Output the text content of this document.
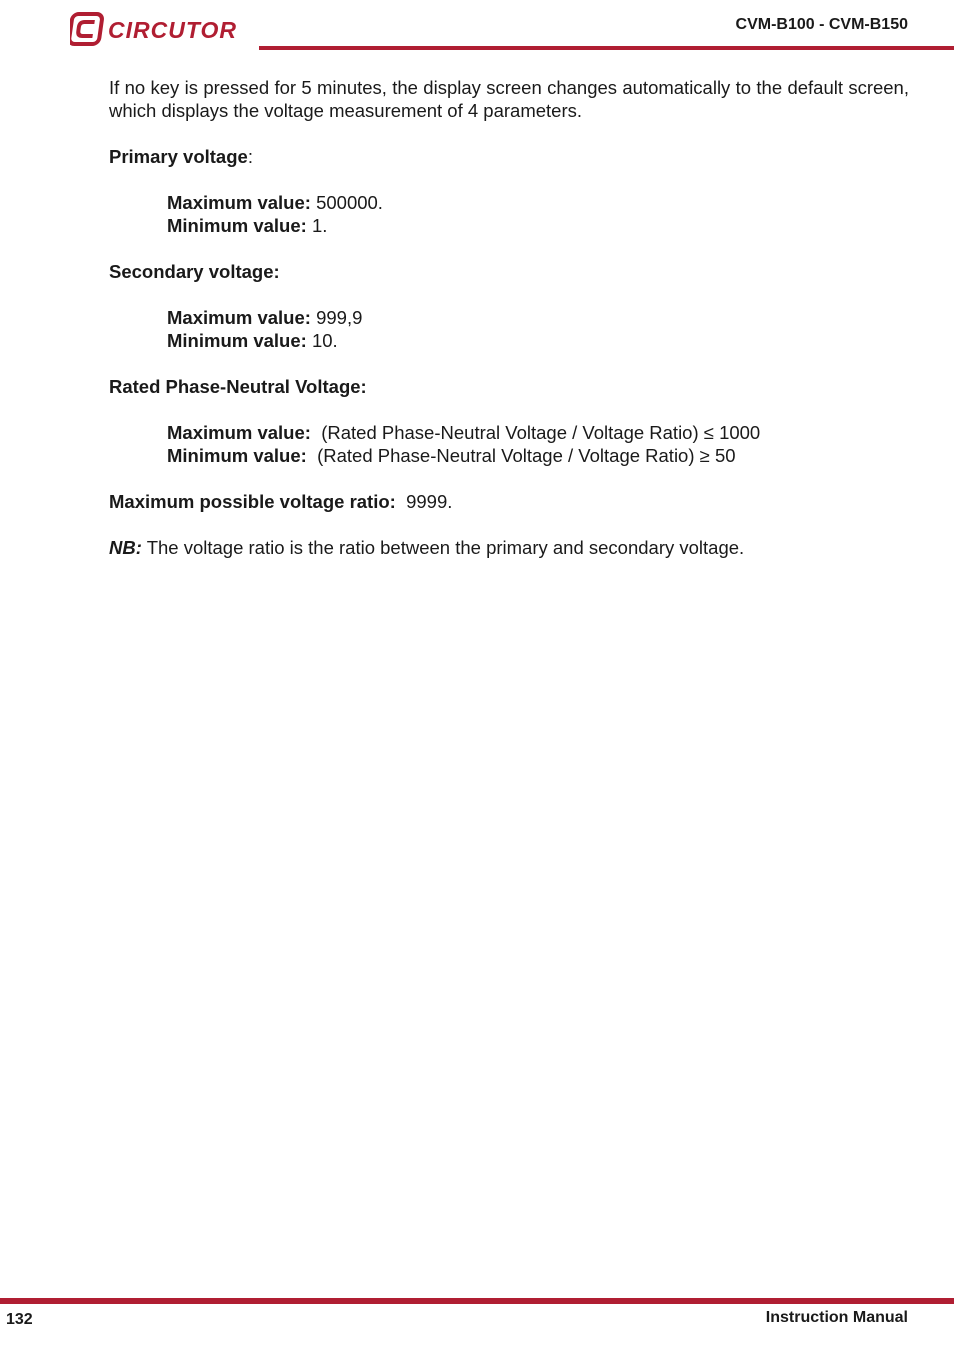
CIRCUTOR	CVM-B100 - CVM-B150

If no key is pressed for 5 minutes, the display screen changes automatically to the default screen, which displays the voltage measurement of 4 parameters.

Primary voltage:
Maximum value: 500000.
Minimum value: 1.
Secondary voltage:
Maximum value: 999,9
Minimum value: 10.
Rated Phase-Neutral Voltage:
Maximum value: (Rated Phase-Neutral Voltage / Voltage Ratio) ≤ 1000
Minimum value: (Rated Phase-Neutral Voltage / Voltage Ratio) ≥ 50
Maximum possible voltage ratio: 9999.
NB: The voltage ratio is the ratio between the primary and secondary voltage.
132	Instruction Manual
